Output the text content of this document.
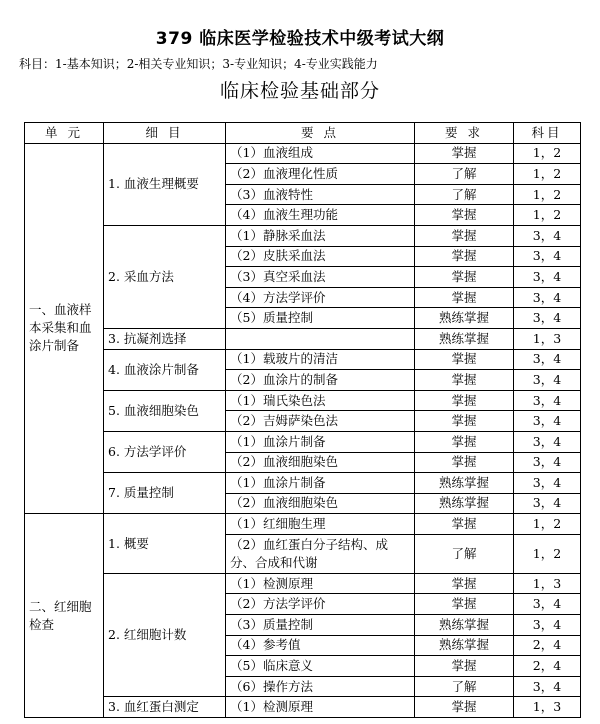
379 临床医学检验技术中级考试大纲
科目：1-基本知识；2-相关专业知识；3-专业知识；4-专业实践能力
临床检验基础部分
单 元	细 目	要 点	要 求	科目
一、血液样本采集和血涂片制备	1. 血液生理概要	（1）血液组成	掌握	1，2
		（2）血液理化性质	了解	1，2
		（3）血液特性	了解	1，2
		（4）血液生理功能	掌握	1，2
	2. 采血方法	（1）静脉采血法	掌握	3，4
		（2）皮肤采血法	掌握	3，4
		（3）真空采血法	掌握	3，4
		（4）方法学评价	掌握	3，4
		（5）质量控制	熟练掌握	3，4
	3. 抗凝剂选择		熟练掌握	1，3
	4. 血液涂片制备	（1）载玻片的清洁	掌握	3，4
		（2）血涂片的制备	掌握	3，4
	5. 血液细胞染色	（1）瑞氏染色法	掌握	3，4
		（2）吉姆萨染色法	掌握	3，4
	6. 方法学评价	（1）血涂片制备	掌握	3，4
		（2）血液细胞染色	掌握	3，4
	7. 质量控制	（1）血涂片制备	熟练掌握	3，4
		（2）血液细胞染色	熟练掌握	3，4
二、红细胞检查	1. 概要	（1）红细胞生理	掌握	1，2
		（2）血红蛋白分子结构、成分、合成和代谢	了解	1，2
	2. 红细胞计数	（1）检测原理	掌握	1，3
		（2）方法学评价	掌握	3，4
		（3）质量控制	熟练掌握	3，4
		（4）参考值	熟练掌握	2，4
		（5）临床意义	掌握	2，4
		（6）操作方法	了解	3，4
	3. 血红蛋白测定	（1）检测原理	掌握	1，3
